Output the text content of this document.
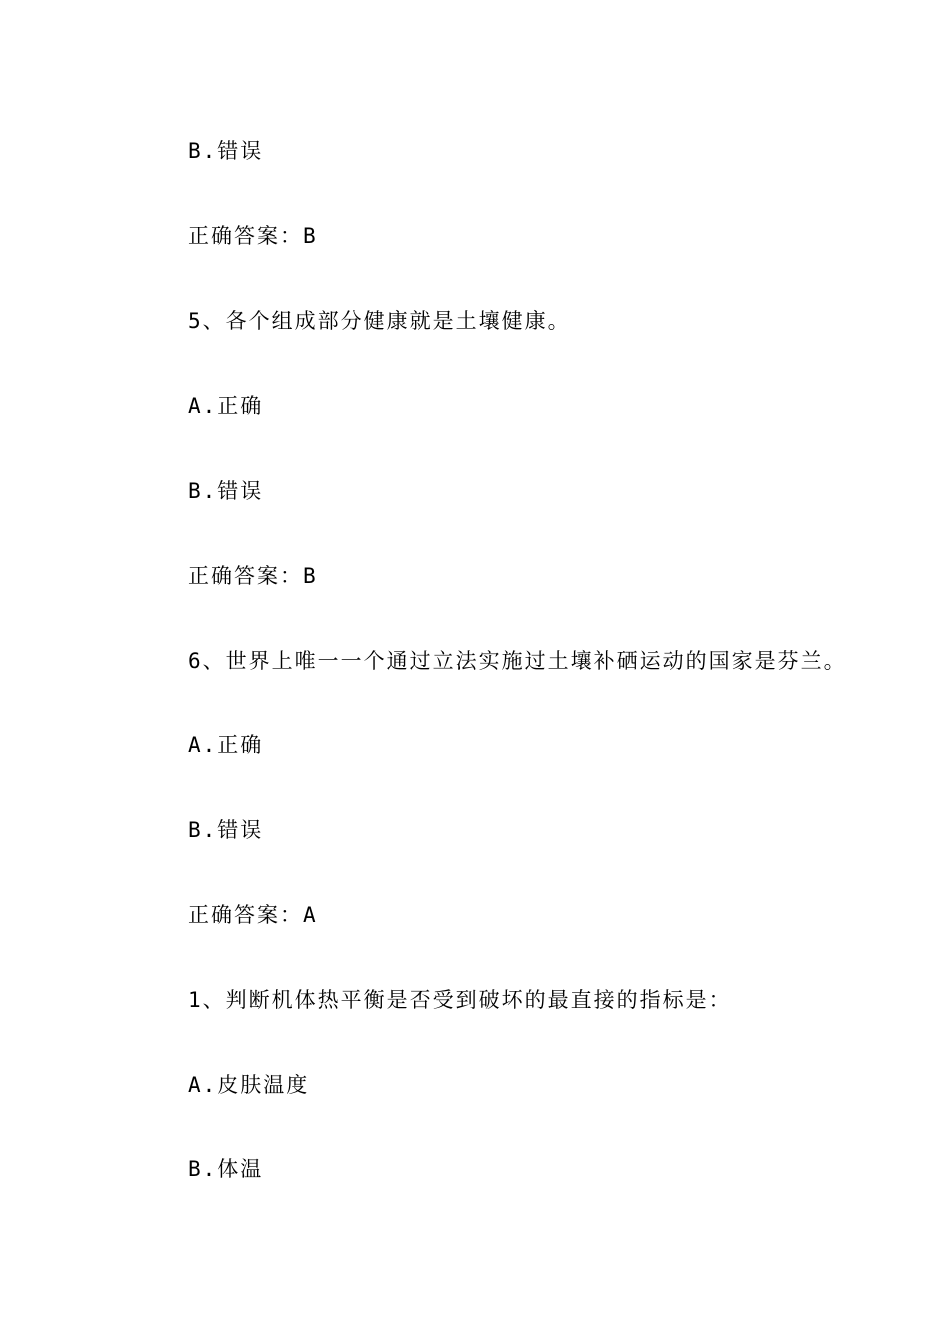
B.错误
正确答案：B
5、各个组成部分健康就是土壤健康。
A.正确
B.错误
正确答案：B
6、世界上唯一一个通过立法实施过土壤补硒运动的国家是芬兰。
A.正确
B.错误
正确答案：A
1、判断机体热平衡是否受到破坏的最直接的指标是：
A.皮肤温度
B.体温
